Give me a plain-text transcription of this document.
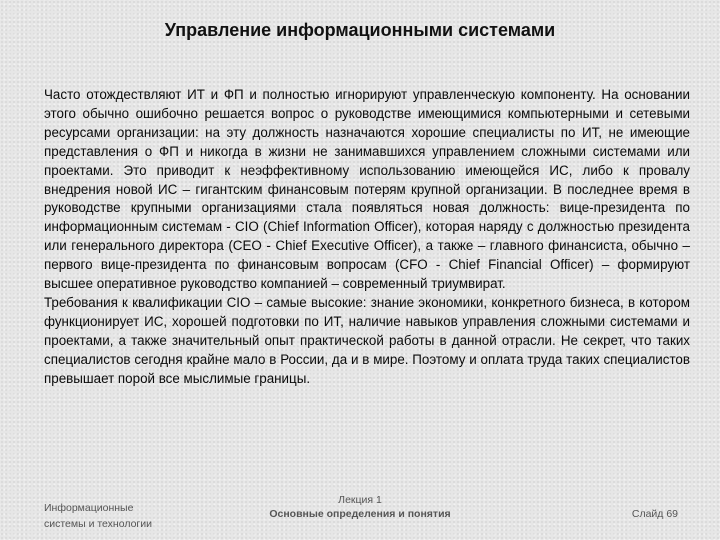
Управление информационными системами

Часто отождествляют ИТ и ФП и полностью игнорируют управленческую компоненту. На основании этого обычно ошибочно решается вопрос о руководстве имеющимися компьютерными и сетевыми ресурсами организации: на эту должность назначаются хорошие специалисты по ИТ, не имеющие представления о ФП и никогда в жизни не занимавшихся управлением сложными системами или проектами. Это приводит к неэффективному использованию имеющейся ИС, либо к провалу внедрения новой ИС – гигантским финансовым потерям крупной организации. В последнее время в руководстве крупными организациями стала появляться новая должность: вице-президента по информационным системам - CIO (Chief Information Officer), которая наряду с должностью президента или генерального директора (CEO - Chief Executive Officer), а также – главного финансиста, обычно – первого вице-президента по финансовым вопросам (CFO - Chief Financial Officer) – формируют высшее оперативное руководство компанией – современный триумвират.

Требования к квалификации CIO – самые высокие: знание экономики, конкретного бизнеса, в котором функционирует ИС, хорошей подготовки по ИТ, наличие навыков управления сложными системами и проектами, а также значительный опыт практической работы в данной отрасли. Не секрет, что таких специалистов сегодня крайне мало в России, да и в мире. Поэтому и оплата труда таких специалистов превышает порой все мыслимые границы.

Информационные
системы и технологии
Лекция 1
Основные определения и понятия	Слайд 69
